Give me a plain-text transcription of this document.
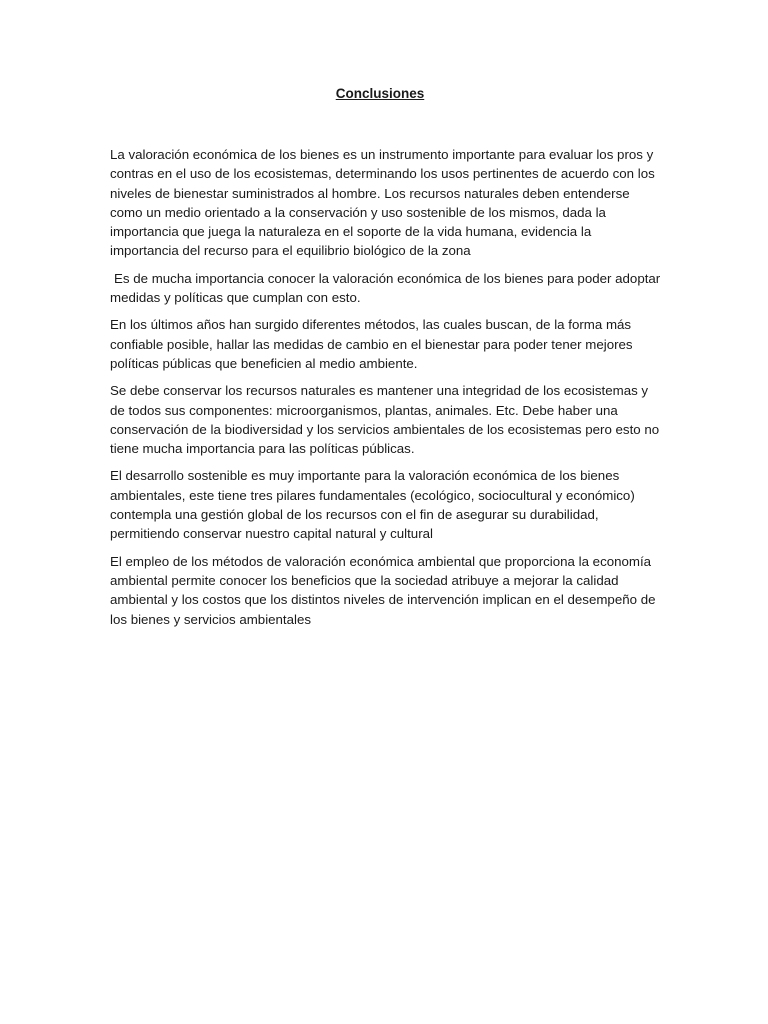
Conclusiones

La valoración económica de los bienes es un instrumento importante para evaluar los pros y contras en el uso de los ecosistemas, determinando los usos pertinentes de acuerdo con los niveles de bienestar suministrados al hombre. Los recursos naturales deben entenderse como un medio orientado a la conservación y uso sostenible de los mismos, dada la importancia que juega la naturaleza en el soporte de la vida humana, evidencia la importancia del recurso para el equilibrio biológico de la zona

Es de mucha importancia conocer la valoración económica de los bienes para poder adoptar medidas y políticas que cumplan con esto.

En los últimos años han surgido diferentes métodos, las cuales buscan, de la forma más confiable posible, hallar las medidas de cambio en el bienestar para poder tener mejores políticas públicas que beneficien al medio ambiente.

Se debe conservar los recursos naturales es mantener una integridad de los ecosistemas y de todos sus componentes: microorganismos, plantas, animales. Etc. Debe haber una conservación de la biodiversidad y los servicios ambientales de los ecosistemas pero esto no tiene mucha importancia para las políticas públicas.

El desarrollo sostenible es muy importante para la valoración económica de los bienes ambientales, este tiene tres pilares fundamentales (ecológico, sociocultural y económico) contempla una gestión global de los recursos con el fin de asegurar su durabilidad, permitiendo conservar nuestro capital natural y cultural

El empleo de los métodos de valoración económica ambiental que proporciona la economía ambiental permite conocer los beneficios que la sociedad atribuye a mejorar la calidad ambiental y los costos que los distintos niveles de intervención implican en el desempeño de los bienes y servicios ambientales
